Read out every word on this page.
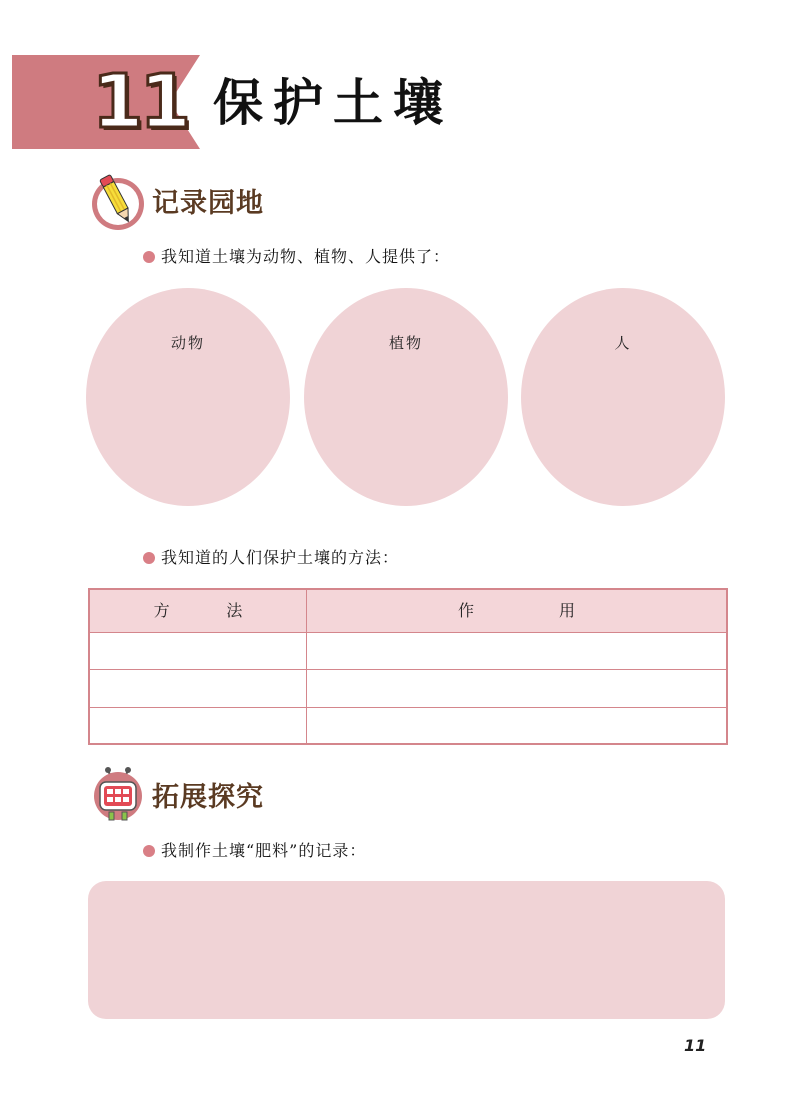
11 保护土壤
记录园地
我知道土壤为动物、植物、人提供了：
动物	植物	人
我知道的人们保护土壤的方法：
方        法	作            用
拓展探究
我制作土壤“肥料”的记录：
11
